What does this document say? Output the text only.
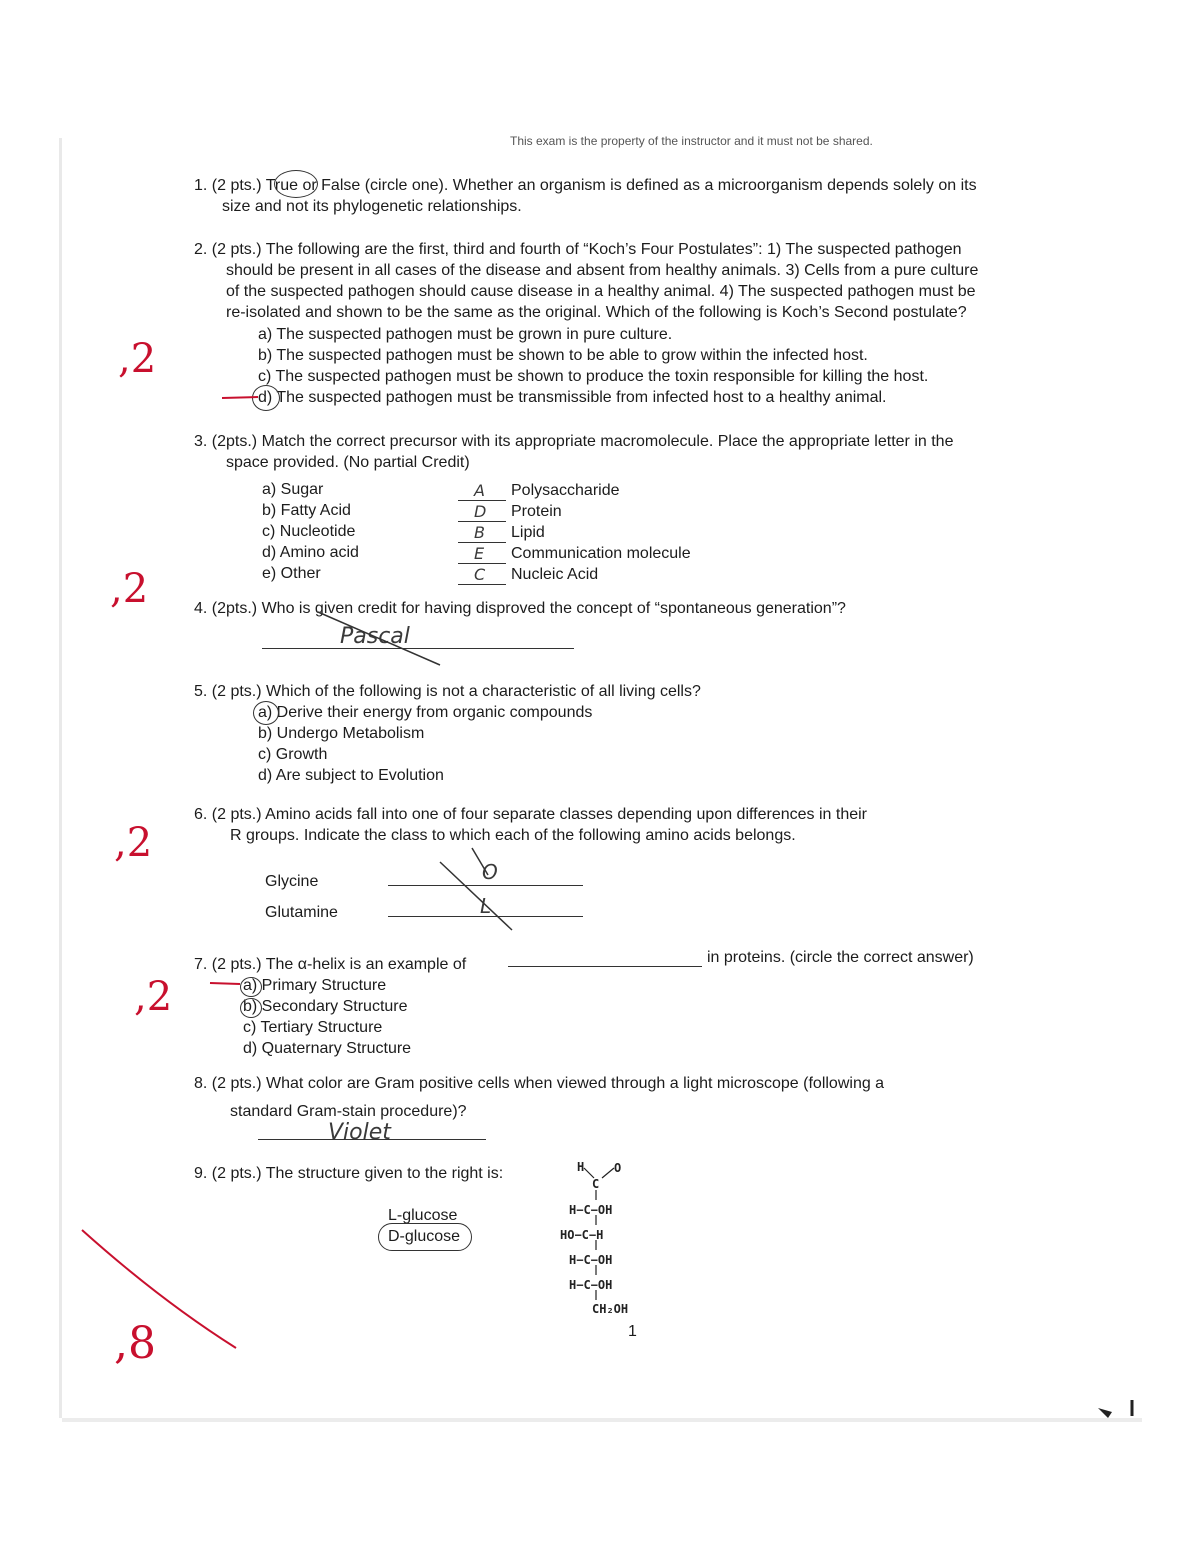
This exam is the property of the instructor and it must not be shared.
1. (2 pts.) True or False (circle one). Whether an organism is defined as a microorganism depends solely on its
size and not its phylogenetic relationships.
2. (2 pts.) The following are the first, third and fourth of “Koch’s Four Postulates”: 1) The suspected pathogen
should be present in all cases of the disease and absent from healthy animals. 3) Cells from a pure culture
of the suspected pathogen should cause disease in a healthy animal. 4) The suspected pathogen must be
re-isolated and shown to be the same as the original. Which of the following is Koch’s Second postulate?
a) The suspected pathogen must be grown in pure culture.
b) The suspected pathogen must be shown to be able to grow within the infected host.
c) The suspected pathogen must be shown to produce the toxin responsible for killing the host.
d) The suspected pathogen must be transmissible from infected host to a healthy animal.
3. (2pts.) Match the correct precursor with its appropriate macromolecule. Place the appropriate letter in the
space provided. (No partial Credit)
a) Sugar
b) Fatty Acid
c) Nucleotide
d) Amino acid
e) Other
A
D
B
E
C
Polysaccharide
Protein
Lipid
Communication molecule
Nucleic Acid
4. (2pts.) Who is given credit for having disproved the concept of “spontaneous generation”?
Pascal
5. (2 pts.) Which of the following is not a characteristic of all living cells?
a) Derive their energy from organic compounds
b) Undergo Metabolism
c) Growth
d) Are subject to Evolution
6. (2 pts.) Amino acids fall into one of four separate classes depending upon differences in their
R groups. Indicate the class to which each of the following amino acids belongs.
Glycine
Glutamine
O
L
7. (2 pts.) The α-helix is an example of	in proteins. (circle the correct answer)
a) Primary Structure
b) Secondary Structure
c) Tertiary Structure
d) Quaternary Structure
8. (2 pts.) What color are Gram positive cells when viewed through a light microscope (following a
standard Gram-stain procedure)?
Violet
9. (2 pts.) The structure given to the right is:
L-glucose
D-glucose
H O
C
H−C−OH
HO−C−H
H−C−OH
H−C−OH
CH₂OH
1
,2
,2
,2
,2
,8
